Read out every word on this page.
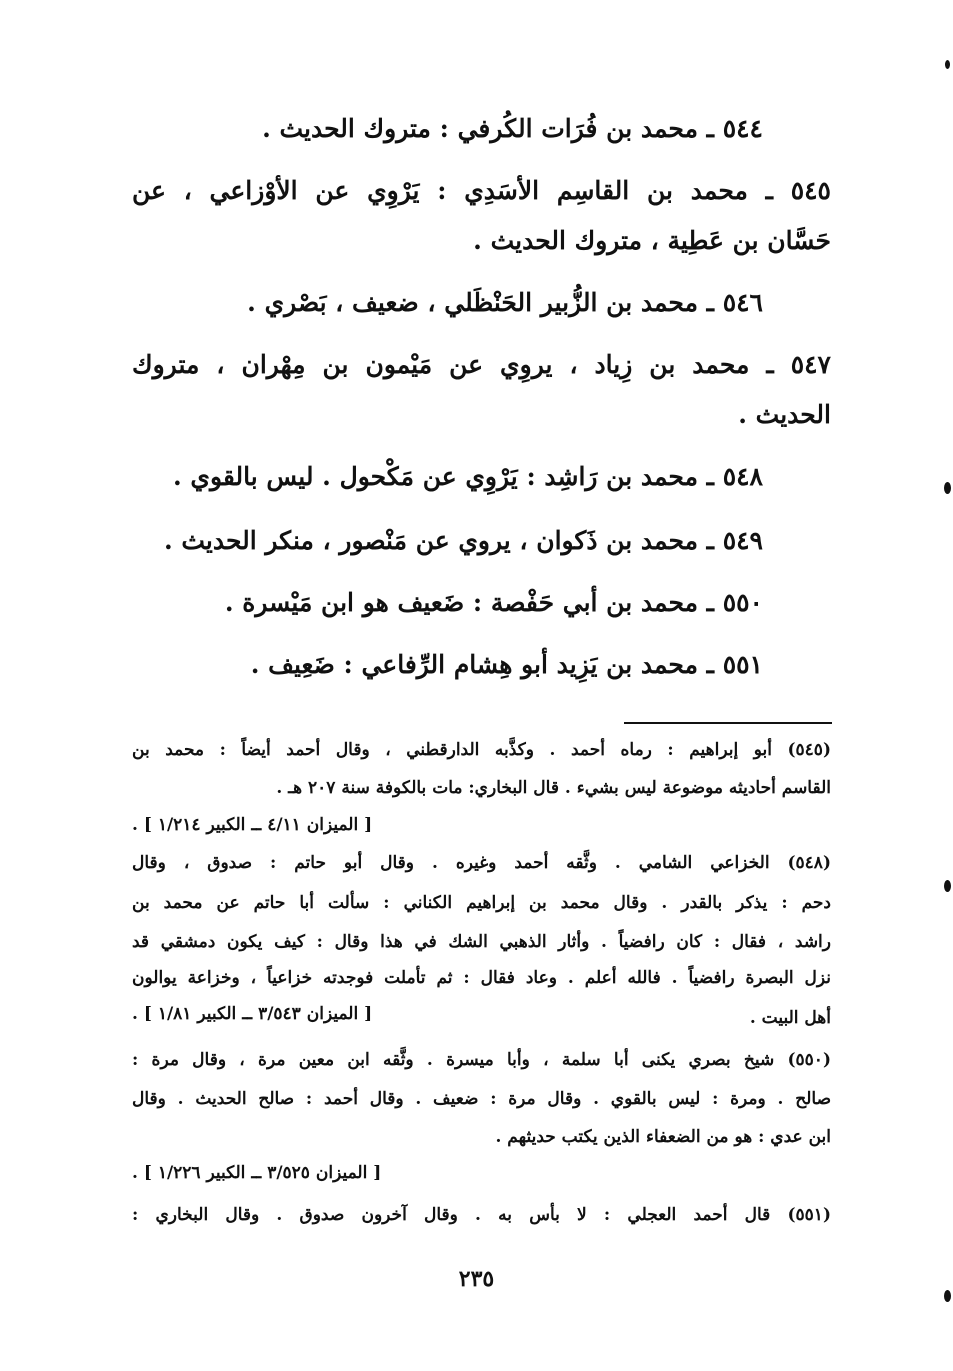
٥٤٤ ـ محمد بن فُرَات الكُرفي : متروك الحديث .
٥٤٥ ـ محمد بن القاسِم الأسَدِي : يَرْوِي عن الأوْزاعي ، عن
حَسَّان بن عَطِية ، متروك الحديث .
٥٤٦ ـ محمد بن الزُّبير الحَنْظَلي ، ضعيف ، بَصْري .
٥٤٧ ـ محمد بن زِياد ، يروِي عن مَيْمون بن مِهْران ، متروك
الحديث .
٥٤٨ ـ محمد بن رَاشِد : يَرْوِي عن مَكْحول . ليس بالقوي .
٥٤٩ ـ محمد بن ذَكوان ، يروي عن مَنْصور ، منكر الحديث .
٥٥٠ ـ محمد بن أبي حَفْصة : ضَعيف هو ابن مَيْسرة .
٥٥١ ـ محمد بن يَزِيد أبو هِشام الرِّفاعي : ضَعِيف .
(٥٤٥) أبو إبراهيم : رماه أحمد . وكذَّبه الدارقطني ، وقال أحمد أيضاً : محمد بن
القاسم أحاديثه موضوعة ليس بشيء . قال البخاري: مات بالكوفة سنة ٢٠٧ هـ .
[ الميزان ٤/١١ ــ الكبير ١/٢١٤ ] .
(٥٤٨) الخزاعي الشامي . وثَّقه أحمد وغيره . وقال أبو حاتم : صدوق ، وقال
دحم : يذكر بالقدر . وقال محمد بن إبراهيم الكناني : سألت أبا حاتم عن محمد بن
راشد ، فقال : كان رافضياً . وأثار الذهبي الشك في هذا وقال : كيف يكون دمشقي قد
نزل البصرة رافضياً . فالله أعلم . وعاد فقال : ثم تأملت فوجدته خزاعياً ، وخزاعة يوالون
أهل البيت .
[ الميزان ٣/٥٤٣ ــ الكبير ١/٨١ ] .
(٥٥٠) شيخ بصري يكنى أبا سلمة ، وأبا ميسرة . وثَّقه ابن معين مرة ، وقال مرة :
صالح . ومرة : ليس بالقوي . وقال مرة : ضعيف . وقال أحمد : صالح الحديث . وقال
ابن عدي : هو من الضعفاء الذين يكتب حديثهم .
[ الميزان ٣/٥٢٥ ــ الكبير ١/٢٢٦ ] .
(٥٥١) قال أحمد العجلي : لا بأس به . وقال آخرون صدوق . وقال البخاري :
٢٣٥
